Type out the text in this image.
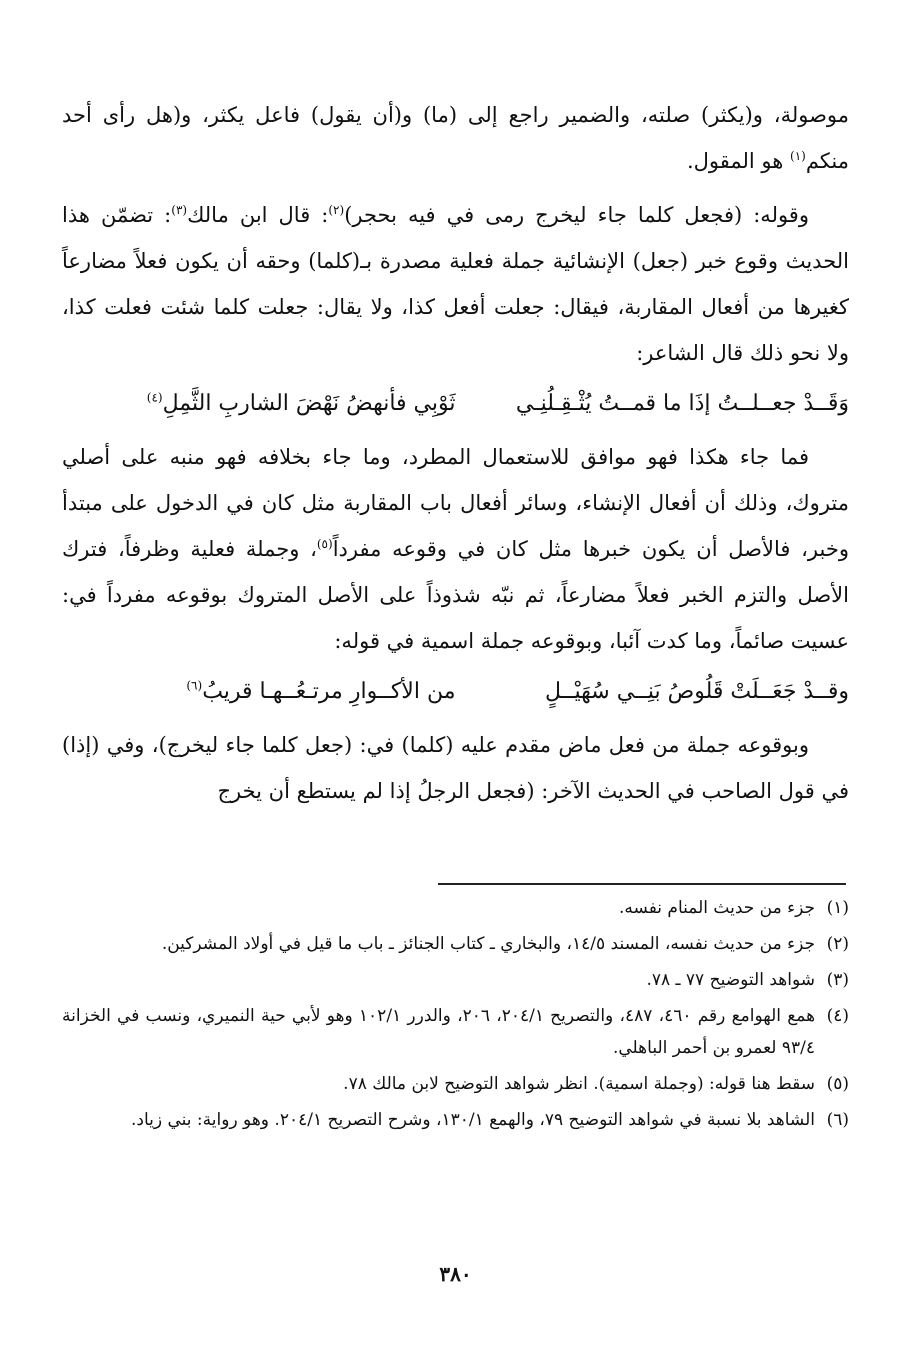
موصولة، و(يكثر) صلته، والضمير راجع إلى (ما) و(أن يقول) فاعل يكثر، و(هل رأى أحد منكم$^{(١)}$ هو المقول.

وقوله: (فجعل كلما جاء ليخرج رمى في فيه بحجر)$^{(٢)}$: قال ابن مالك$^{(٣)}$: تضمّن هذا الحديث وقوع خبر (جعل) الإنشائية جملة فعلية مصدرة بـ(كلما) وحقه أن يكون فعلاً مضارعاً كغيرها من أفعال المقاربة، فيقال: جعلت أفعل كذا، ولا يقال: جعلت كلما شئت فعلت كذا، ولا نحو ذلك قال الشاعر:

وَقَــدْ جعــلــتُ إذَا ما قمــتُ يُثْـقِـلُنِـي
ثَوْبِي فأنهضُ نَهْضَ الشاربِ الثَّمِلِ$^{(٤)}$

فما جاء هكذا فهو موافق للاستعمال المطرد، وما جاء بخلافه فهو منبه على أصلي متروك، وذلك أن أفعال الإنشاء، وسائر أفعال باب المقاربة مثل كان في الدخول على مبتدأ وخبر، فالأصل أن يكون خبرها مثل كان في وقوعه مفرداً$^{(٥)}$، وجملة فعلية وظرفاً، فترك الأصل والتزم الخبر فعلاً مضارعاً، ثم نبّه شذوذاً على الأصل المتروك بوقوعه مفرداً في: عسيت صائماً، وما كدت آئبا، وبوقوعه جملة اسمية في قوله:

وقــدْ جَعَــلَتْ قَلُوصُ بَنِــي سُهَيْــلٍ
من الأكــوارِ مرتـعُــهـا قريبُ$^{(٦)}$

وبوقوعه جملة من فعل ماض مقدم عليه (كلما) في: (جعل كلما جاء ليخرج)، وفي (إذا) في قول الصاحب في الحديث الآخر: (فجعل الرجلُ إذا لم يستطع أن يخرج

(١)
جزء من حديث المنام نفسه.
(٢)
جزء من حديث نفسه، المسند ١٤/٥، والبخاري ـ كتاب الجنائز ـ باب ما قيل في أولاد المشركين.
(٣)
شواهد التوضيح ٧٧ ـ ٧٨.
(٤)
همع الهوامع رقم ٤٦٠، ٤٨٧، والتصريح ٢٠٤/١، ٢٠٦، والدرر ١٠٢/١ وهو لأبي حية النميري، ونسب في الخزانة ٩٣/٤ لعمرو بن أحمر الباهلي.
(٥)
سقط هنا قوله: (وجملة اسمية). انظر شواهد التوضيح لابن مالك ٧٨.
(٦)
الشاهد بلا نسبة في شواهد التوضيح ٧٩، والهمع ١٣٠/١، وشرح التصريح ٢٠٤/١. وهو رواية: بني زياد.
٣٨٠
